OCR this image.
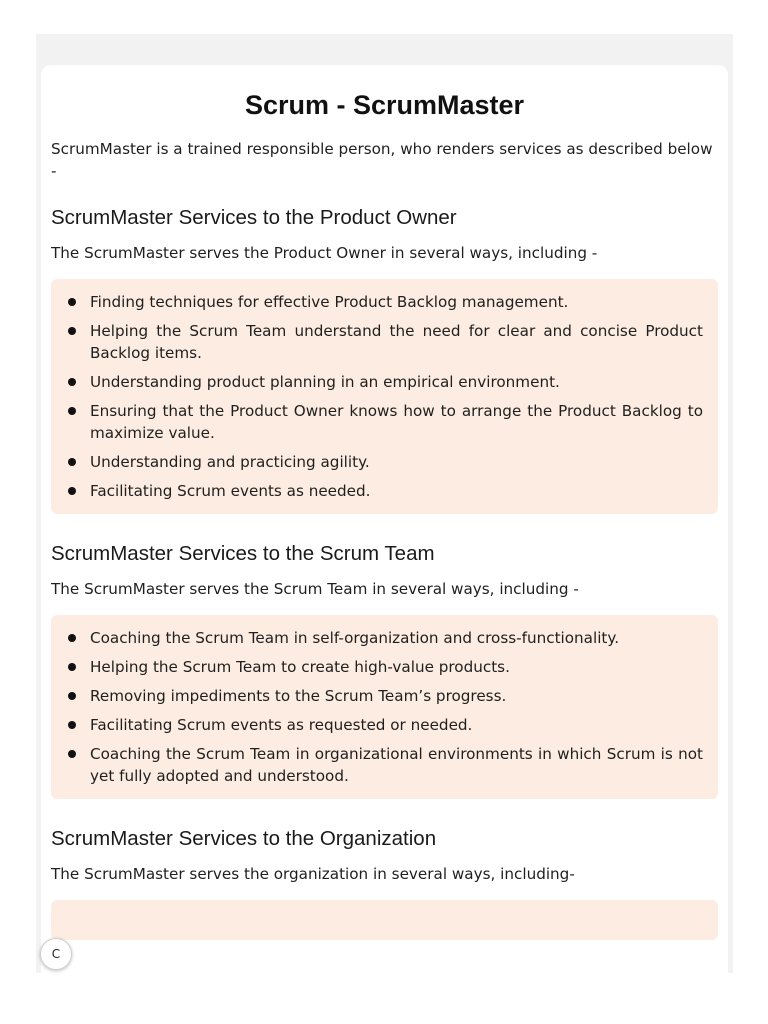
Scrum - ScrumMaster

ScrumMaster is a trained responsible person, who renders services as described below -

ScrumMaster Services to the Product Owner

The ScrumMaster serves the Product Owner in several ways, including -

Finding techniques for effective Product Backlog management.
Helping the Scrum Team understand the need for clear and concise Product Backlog items.
Understanding product planning in an empirical environment.
Ensuring that the Product Owner knows how to arrange the Product Backlog to maximize value.
Understanding and practicing agility.
Facilitating Scrum events as needed.
ScrumMaster Services to the Scrum Team

The ScrumMaster serves the Scrum Team in several ways, including -

Coaching the Scrum Team in self-organization and cross-functionality.
Helping the Scrum Team to create high-value products.
Removing impediments to the Scrum Team’s progress.
Facilitating Scrum events as requested or needed.
Coaching the Scrum Team in organizational environments in which Scrum is not yet fully adopted and understood.
ScrumMaster Services to the Organization

The ScrumMaster serves the organization in several ways, including-

C
